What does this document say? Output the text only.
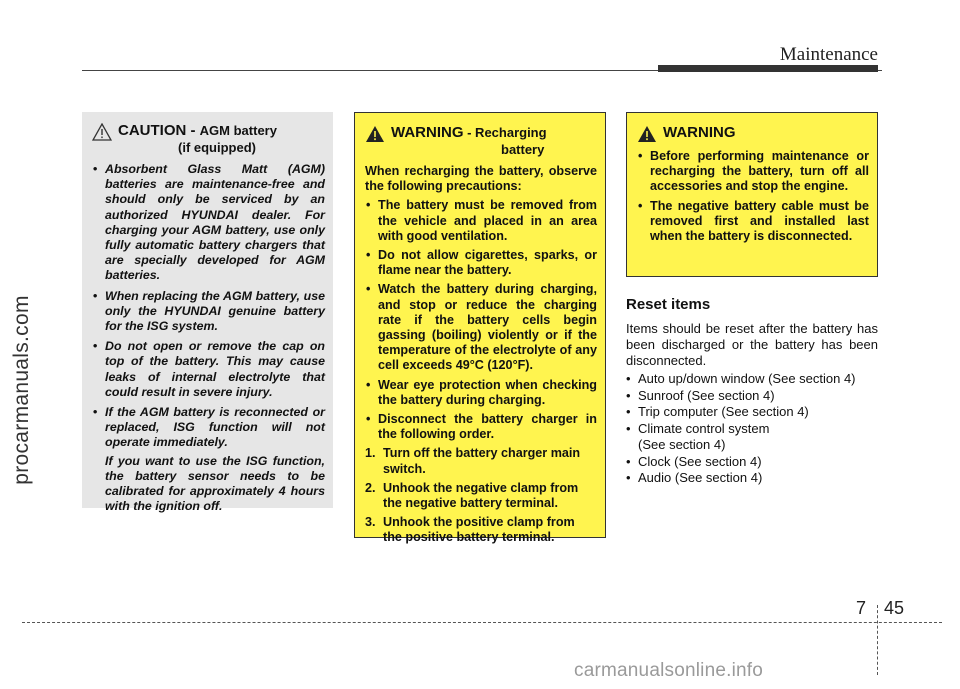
Maintenance
procarmanuals.com
CAUTION - AGM battery
(if equipped)
• Absorbent Glass Matt (AGM) batteries are maintenance-free and should only be serviced by an authorized HYUNDAI dealer. For charging your AGM battery, use only fully automatic battery chargers that are specially developed for AGM batteries.
• When replacing the AGM battery, use only the HYUNDAI genuine battery for the ISG system.
• Do not open or remove the cap on top of the battery. This may cause leaks of internal electrolyte that could result in severe injury.
• If the AGM battery is reconnected or replaced, ISG function will not operate immediately.
If you want to use the ISG function, the battery sensor needs to be calibrated for approximately 4 hours with the ignition off.
WARNING - Recharging
battery
When recharging the battery, observe the following precautions:
• The battery must be removed from the vehicle and placed in an area with good ventilation.
• Do not allow cigarettes, sparks, or flame near the battery.
• Watch the battery during charging, and stop or reduce the charging rate if the battery cells begin gassing (boiling) violently or if the temperature of the electrolyte of any cell exceeds 49°C (120°F).
• Wear eye protection when checking the battery during charging.
• Disconnect the battery charger in the following order.
1. Turn off the battery charger main switch.
2. Unhook the negative clamp from the negative battery terminal.
3. Unhook the positive clamp from the positive battery terminal.
WARNING
• Before performing maintenance or recharging the battery, turn off all accessories and stop the engine.
• The negative battery cable must be removed first and installed last when the battery is disconnected.
Reset items

Items should be reset after the battery has been discharged or the battery has been disconnected.

• Auto up/down window (See section 4)
• Sunroof (See section 4)
• Trip computer (See section 4)
• Climate control system
(See section 4)
• Clock (See section 4)
• Audio (See section 4)
7 45
carmanualsonline.info
